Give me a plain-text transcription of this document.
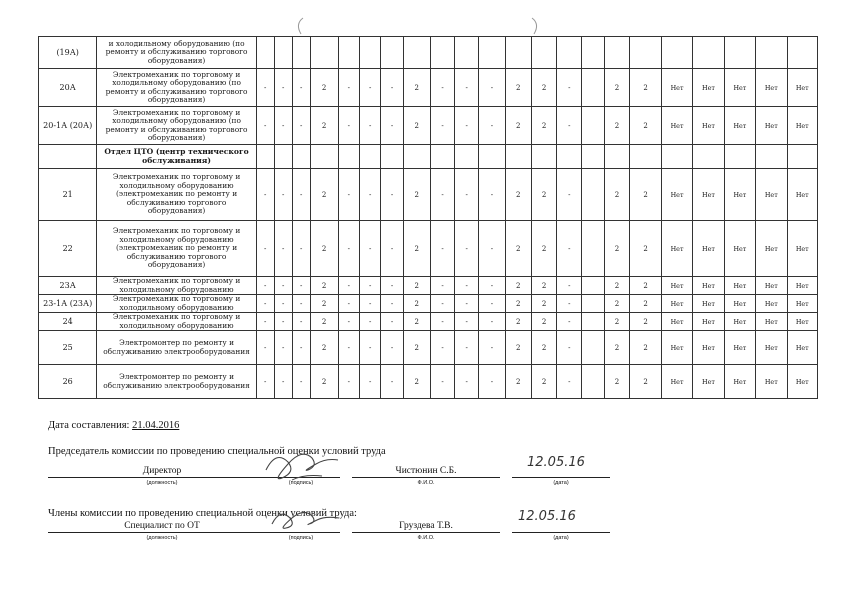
(19А)	и холодильному оборудованию (по ремонту и обслуживанию торгового оборудования)																						
20А	Электромеханик по торговому и холодильному оборудованию (по ремонту и обслуживанию торгового оборудования)	-	-	-	2	-	-	-	2	-	-	-	2	2	-		2	2	Нет	Нет	Нет	Нет	Нет
20-1А (20А)	Электромеханик по торговому и холодильному оборудованию (по ремонту и обслуживанию торгового оборудования)	-	-	-	2	-	-	-	2	-	-	-	2	2	-		2	2	Нет	Нет	Нет	Нет	Нет
	Отдел ЦТО (центр технического обслуживания)																						
21	Электромеханик по торговому и холодильному оборудованию (электромеханик по ремонту и обслуживанию торгового оборудования)	-	-	-	2	-	-	-	2	-	-	-	2	2	-		2	2	Нет	Нет	Нет	Нет	Нет
22	Электромеханик по торговому и холодильному оборудованию (электромеханик по ремонту и обслуживанию торгового оборудования)	-	-	-	2	-	-	-	2	-	-	-	2	2	-		2	2	Нет	Нет	Нет	Нет	Нет
23А	Электромеханик по торговому и холодильному оборудованию	-	-	-	2	-	-	-	2	-	-	-	2	2	-		2	2	Нет	Нет	Нет	Нет	Нет
23-1А (23А)	Электромеханик по торговому и холодильному оборудованию	-	-	-	2	-	-	-	2	-	-	-	2	2	-		2	2	Нет	Нет	Нет	Нет	Нет
24	Электромеханик по торговому и холодильному оборудованию	-	-	-	2	-	-	-	2	-	-	-	2	2	-		2	2	Нет	Нет	Нет	Нет	Нет
25	Электромонтер по ремонту и обслуживанию электрооборудования	-	-	-	2	-	-	-	2	-	-	-	2	2	-		2	2	Нет	Нет	Нет	Нет	Нет
26	Электромонтер по ремонту и обслуживанию электрооборудования	-	-	-	2	-	-	-	2	-	-	-	2	2	-		2	2	Нет	Нет	Нет	Нет	Нет
Дата составления: 21.04.2016
Председатель комиссии по проведению специальной оценки условий труда
Директор	Чистюнин С.Б.
12.05.16
(должность)	(подпись)	Ф.И.О.	(дата)
Члены комиссии по проведению специальной оценки условий труда:
Специалист по ОТ	Груздева Т.В.
12.05.16
(должность)	(подпись)	Ф.И.О.	(дата)
